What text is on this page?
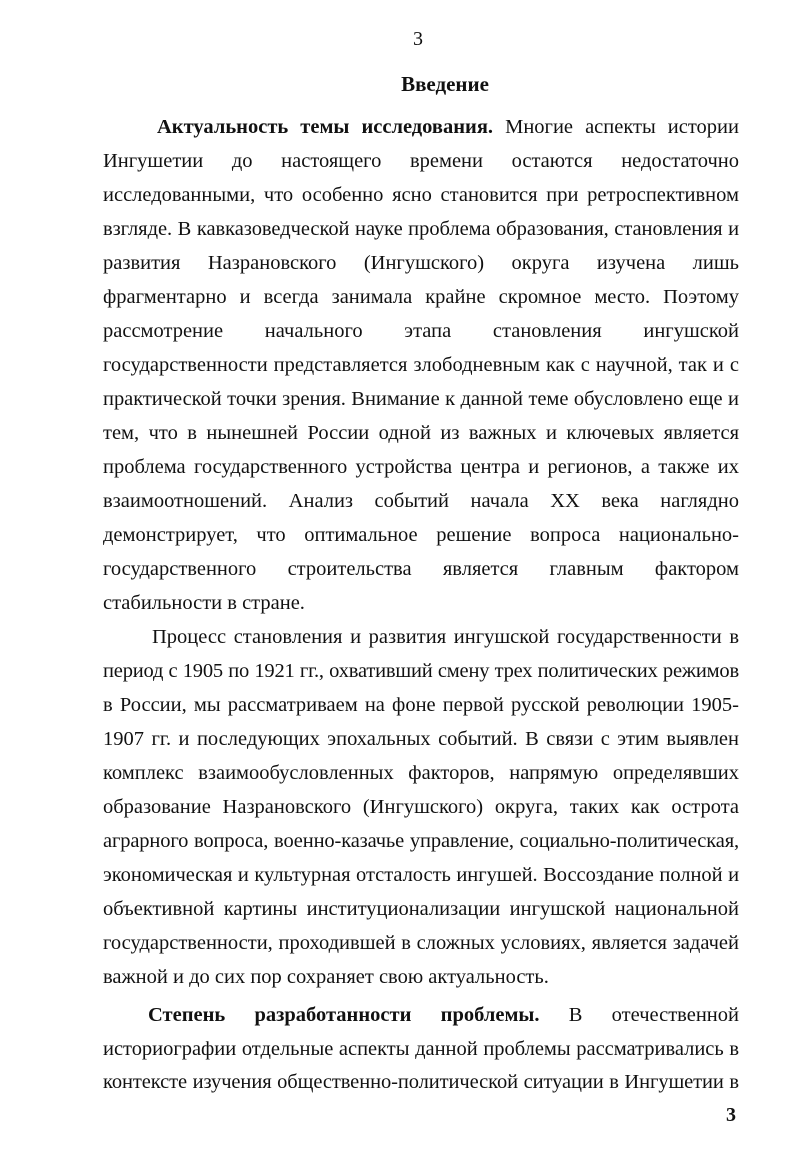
3
Введение
Актуальность темы исследования. Многие аспекты истории
Ингушетии до настоящего времени остаются недостаточно
исследованными, что особенно ясно становится при ретроспективном
взгляде. В кавказоведческой науке проблема образования, становления и
развития Назрановского (Ингушского) округа изучена лишь
фрагментарно и всегда занимала крайне скромное место. Поэтому
рассмотрение начального этапа становления ингушской
государственности представляется злободневным как с научной, так и с
практической точки зрения. Внимание к данной теме обусловлено еще и
тем, что в нынешней России одной из важных и ключевых является
проблема государственного устройства центра и регионов, а также их
взаимоотношений. Анализ событий начала XX века наглядно
демонстрирует, что оптимальное решение вопроса национально-
государственного строительства является главным фактором
стабильности в стране.
Процесс становления и развития ингушской государственности в
период с 1905 по 1921 гг., охвативший смену трех политических режимов
в России, мы рассматриваем на фоне первой русской революции 1905-
1907 гг. и последующих эпохальных событий. В связи с этим выявлен
комплекс взаимообусловленных факторов, напрямую определявших
образование Назрановского (Ингушского) округа, таких как острота
аграрного вопроса, военно-казачье управление, социально-политическая,
экономическая и культурная отсталость ингушей. Воссоздание полной и
объективной картины институционализации ингушской национальной
государственности, проходившей в сложных условиях, является задачей
важной и до сих пор сохраняет свою актуальность.
Степень разработанности проблемы. В отечественной
историографии отдельные аспекты данной проблемы рассматривались в
контексте изучения общественно-политической ситуации в Ингушетии в
3
